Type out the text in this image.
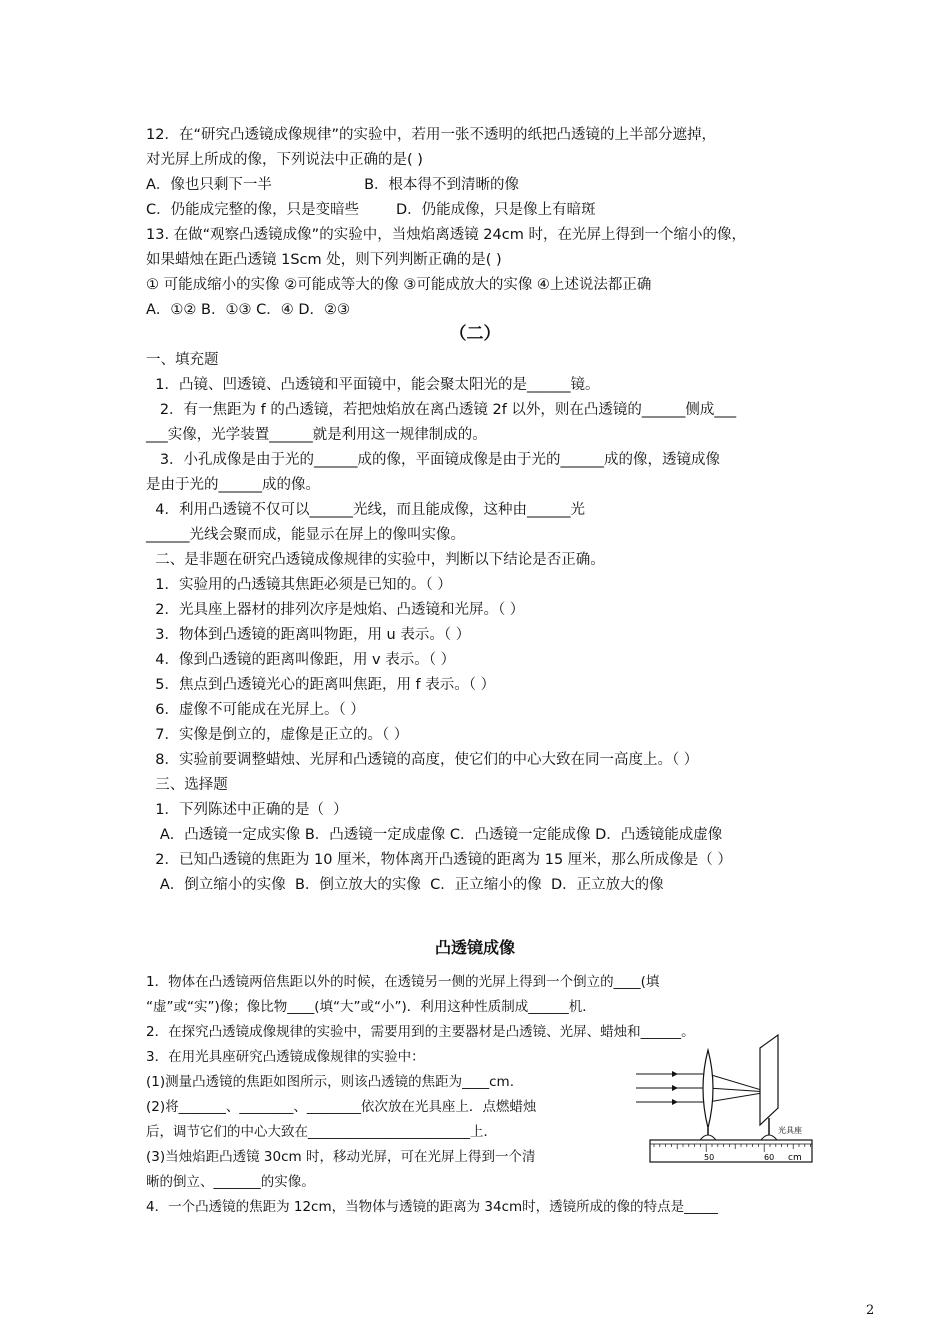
12．在“研究凸透镜成像规律”的实验中，若用一张不透明的纸把凸透镜的上半部分遮掉，
对光屏上所成的像，下列说法中正确的是( )
A．像也只剩下一半                    B．根本得不到清晰的像
C．仍能成完整的像，只是变暗些        D．仍能成像，只是像上有暗斑
13. 在做“观察凸透镜成像”的实验中，当烛焰离透镜 24cm 时，在光屏上得到一个缩小的像，
如果蜡烛在距凸透镜 1Scm 处，则下列判断正确的是( )
① 可能成缩小的实像 ②可能成等大的像 ③可能成放大的实像 ④上述说法都正确
A．①② B．①③ C．④ D．②③
（二）
一、填充题
1．凸镜、凹透镜、凸透镜和平面镜中，能会聚太阳光的是______镜。
2．有一焦距为 f 的凸透镜，若把烛焰放在离凸透镜 2f 以外，则在凸透镜的______侧成___
___实像，光学装置______就是利用这一规律制成的。
3．小孔成像是由于光的______成的像，平面镜成像是由于光的______成的像，透镜成像
是由于光的______成的像。
4．利用凸透镜不仅可以______光线，而且能成像，这种由______光
______光线会聚而成，能显示在屏上的像叫实像。
二、是非题在研究凸透镜成像规律的实验中，判断以下结论是否正确。
1．实验用的凸透镜其焦距必须是已知的。（ ）
2．光具座上器材的排列次序是烛焰、凸透镜和光屏。（ ）
3．物体到凸透镜的距离叫物距，用 u 表示。（ ）
4．像到凸透镜的距离叫像距，用 v 表示。（ ）
5．焦点到凸透镜光心的距离叫焦距，用 f 表示。（ ）
6．虚像不可能成在光屏上。（ ）
7．实像是倒立的，虚像是正立的。（ ）
8．实验前要调整蜡烛、光屏和凸透镜的高度，使它们的中心大致在同一高度上。（ ）
三、选择题
1．下列陈述中正确的是（  ）
A．凸透镜一定成实像 B．凸透镜一定成虚像 C．凸透镜一定能成像 D．凸透镜能成虚像
2．已知凸透镜的焦距为 10 厘米，物体离开凸透镜的距离为 15 厘米，那么所成像是（ ）
A．倒立缩小的实像  B．倒立放大的实像  C．正立缩小的像  D．正立放大的像
凸透镜成像
1．物体在凸透镜两倍焦距以外的时候，在透镜另一侧的光屏上得到一个倒立的____(填
“虚”或“实”)像；像比物____(填“大”或“小”)．利用这种性质制成______机．
2．在探究凸透镜成像规律的实验中，需要用到的主要器材是凸透镜、光屏、蜡烛和______。
3．在用光具座研究凸透镜成像规律的实验中：
(1)测量凸透镜的焦距如图所示，则该凸透镜的焦距为____cm.
(2)将_______、________、________依次放在光具座上．点燃蜡烛
后，调节它们的中心大致在________________________上．
(3)当烛焰距凸透镜 30cm 时，移动光屏，可在光屏上得到一个清
晰的倒立、_______的实像。
4．一个凸透镜的焦距为 12cm，当物体与透镜的距离为 34cm时，透镜所成的像的特点是_____
50	60 cm
光具座
2
